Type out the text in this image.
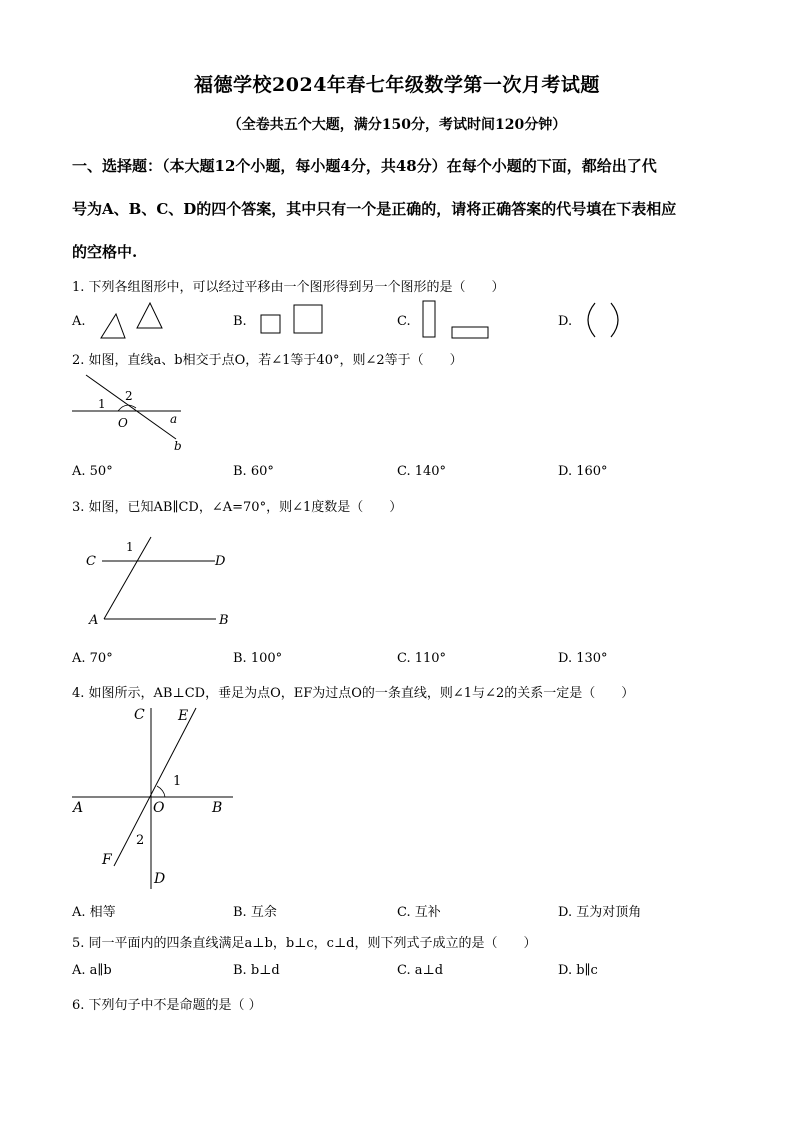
福德学校2024年春七年级数学第一次月考试题
（全卷共五个大题，满分150分，考试时间120分钟）
一、选择题：（本大题12个小题，每小题4分，共48分）在每个小题的下面，都给出了代
号为A、B、C、D的四个答案，其中只有一个是正确的，请将正确答案的代号填在下表相应
的空格中.
1. 下列各组图形中，可以经过平移由一个图形得到另一个图形的是（　　）
A.	B.	C.	D.
2. 如图，直线a、b相交于点O，若∠1等于40°，则∠2等于（　　）
1
2
O	a
b
A. 50°	B. 60°	C. 140°	D. 160°
3. 如图，已知AB∥CD，∠A=70°，则∠1度数是（　　）
C	D
A	B
1
A. 70°	B. 100°	C. 110°	D. 130°
4. 如图所示，AB⊥CD，垂足为点O，EF为过点O的一条直线，则∠1与∠2的关系一定是（　　）
C E
1
A	O	B
2
F
D
A. 相等	B. 互余	C. 互补	D. 互为对顶角
5. 同一平面内的四条直线满足a⊥b，b⊥c，c⊥d，则下列式子成立的是（　　）
A. a∥b	B. b⊥d	C. a⊥d	D. b∥c
6. 下列句子中不是命题的是（ ）
